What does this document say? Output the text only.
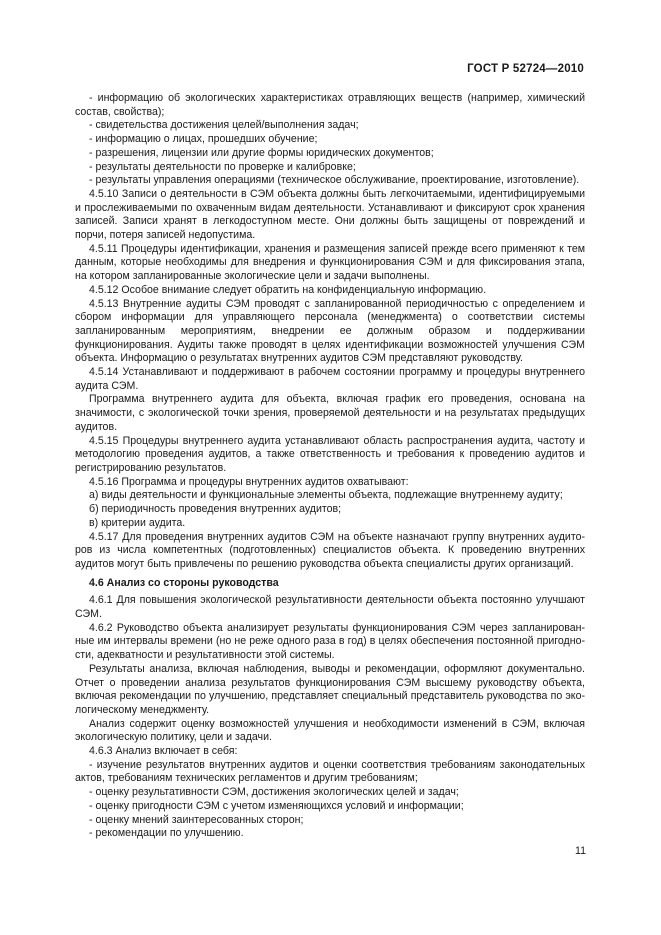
ГОСТ Р 52724—2010

- информацию об экологических характеристиках отравляющих веществ (например, химический состав, свойства);

- свидетельства достижения целей/выполнения задач;

- информацию о лицах, прошедших обучение;

- разрешения, лицензии или другие формы юридических документов;

- результаты деятельности по проверке и калибровке;

- результаты управления операциями (техническое обслуживание, проектирование, изготовление).

4.5.10 Записи о деятельности в СЭМ объекта должны быть легкочитаемыми, идентифицируемыми и прослеживаемыми по охваченным видам деятельности. Устанавливают и фиксируют срок хранения записей. Записи хранят в легкодоступном месте. Они должны быть защищены от повреждений и порчи, потеря записей недопустима.

4.5.11 Процедуры идентификации, хранения и размещения записей прежде всего применяют к тем данным, которые необходимы для внедрения и функционирования СЭМ и для фиксирования этапа, на котором запланированные экологические цели и задачи выполнены.

4.5.12 Особое внимание следует обратить на конфиденциальную информацию.

4.5.13 Внутренние аудиты СЭМ проводят с запланированной периодичностью с определением и сбором информации для управляющего персонала (менеджмента) о соответствии системы запланированным мероприятиям, внедрении ее должным образом и поддерживании функционирования. Аудиты также проводят в целях идентификации возможностей улучшения СЭМ объекта. Информацию о результатах внутренних аудитов СЭМ представляют руководству.

4.5.14 Устанавливают и поддерживают в рабочем состоянии программу и процедуры внутреннего аудита СЭМ.

Программа внутреннего аудита для объекта, включая график его проведения, основана на значимости, с экологической точки зрения, проверяемой деятельности и на результатах предыдущих аудитов.

4.5.15 Процедуры внутреннего аудита устанавливают область распространения аудита, частоту и методологию проведения аудитов, а также ответственность и требования к проведению аудитов и регистрированию результатов.

4.5.16 Программа и процедуры внутренних аудитов охватывают:

а) виды деятельности и функциональные элементы объекта, подлежащие внутреннему аудиту;

б) периодичность проведения внутренних аудитов;

в) критерии аудита.

4.5.17 Для проведения внутренних аудитов СЭМ на объекте назначают группу внутренних аудиторов из числа компетентных (подготовленных) специалистов объекта. К проведению внутренних аудитов могут быть привлечены по решению руководства объекта специалисты других организаций.

4.6 Анализ со стороны руководства

4.6.1 Для повышения экологической результативности деятельности объекта постоянно улучшают СЭМ.

4.6.2 Руководство объекта анализирует результаты функционирования СЭМ через запланированные им интервалы времени (но не реже одного раза в год) в целях обеспечения постоянной пригодности, адекватности и результативности этой системы.

Результаты анализа, включая наблюдения, выводы и рекомендации, оформляют документально. Отчет о проведении анализа результатов функционирования СЭМ высшему руководству объекта, включая рекомендации по улучшению, представляет специальный представитель руководства по экологическому менеджменту.

Анализ содержит оценку возможностей улучшения и необходимости изменений в СЭМ, включая экологическую политику, цели и задачи.

4.6.3 Анализ включает в себя:

- изучение результатов внутренних аудитов и оценки соответствия требованиям законодательных актов, требованиям технических регламентов и другим требованиям;

- оценку результативности СЭМ, достижения экологических целей и задач;

- оценку пригодности СЭМ с учетом изменяющихся условий и информации;

- оценку мнений заинтересованных сторон;

- рекомендации по улучшению.

11
